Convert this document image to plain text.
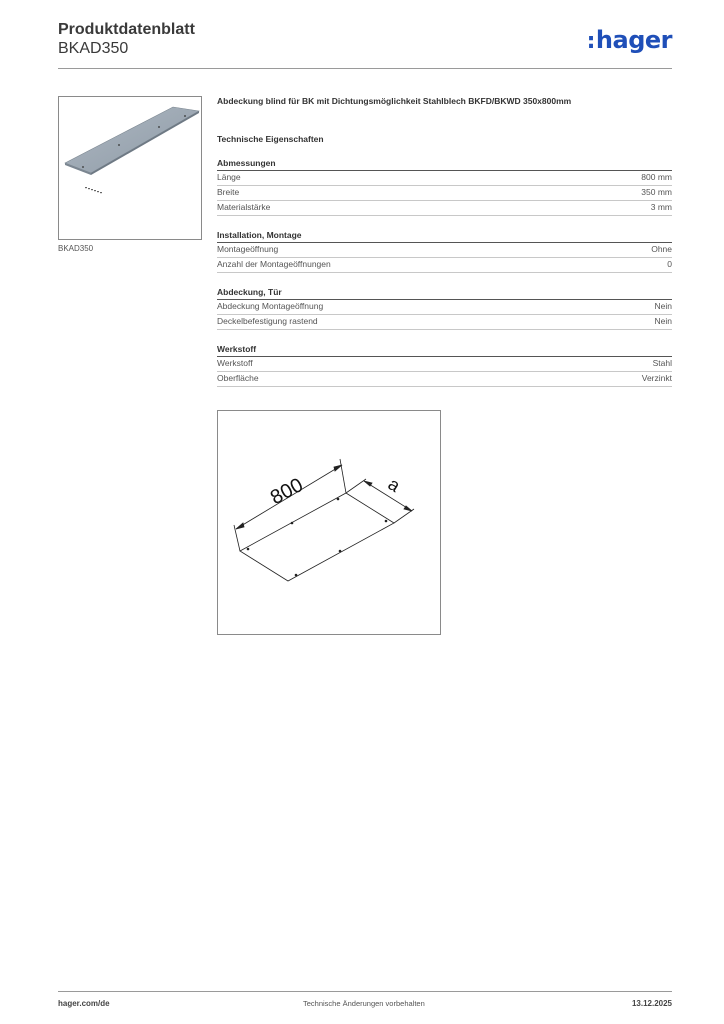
Produktdatenblatt
BKAD350	:hager
BKAD350
Abdeckung blind für BK mit Dichtungsmöglichkeit Stahlblech BKFD/BKWD 350x800mm
Technische Eigenschaften
Abmessungen
Länge	800 mm
Breite	350 mm
Materialstärke	3 mm
Installation, Montage
Montageöffnung	Ohne
Anzahl der Montageöffnungen	0
Abdeckung, Tür
Abdeckung Montageöffnung	Nein
Deckelbefestigung rastend	Nein
Werkstoff
Werkstoff	Stahl
Oberfläche	Verzinkt
800	a
hager.com/de	Technische Änderungen vorbehalten	13.12.2025
